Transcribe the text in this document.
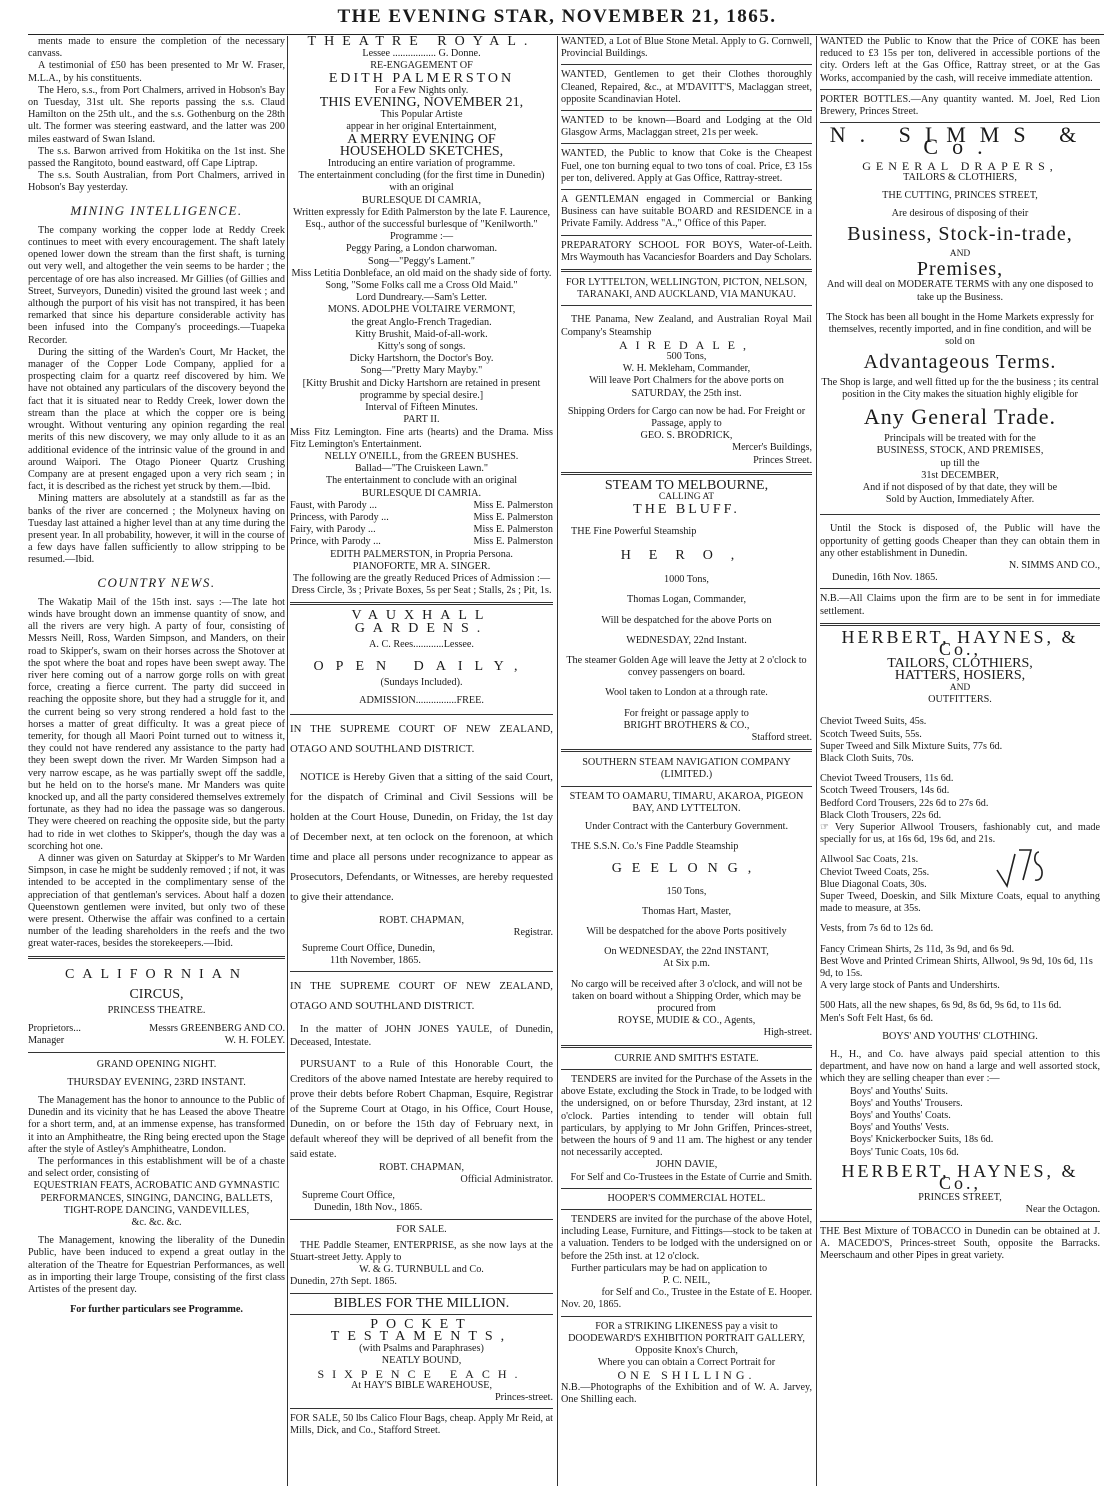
THE EVENING STAR, NOVEMBER 21, 1865.

ments made to ensure the completion of the necessary canvass.

A testimonial of £50 has been presented to Mr W. Fraser, M.L.A., by his constituents.

The Hero, s.s., from Port Chalmers, arrived in Hobson's Bay on Tuesday, 31st ult. She reports passing the s.s. Claud Hamilton on the 25th ult., and the s.s. Gothenburg on the 28th ult. The former was steering eastward, and the latter was 200 miles eastward of Swan Island.

The s.s. Barwon arrived from Hokitika on the 1st inst. She passed the Rangitoto, bound eastward, off Cape Liptrap.

The s.s. South Australian, from Port Chalmers, arrived in Hobson's Bay yesterday.

MINING INTELLIGENCE.

The company working the copper lode at Reddy Creek continues to meet with every encouragement. The shaft lately opened lower down the stream than the first shaft, is turning out very well, and altogether the vein seems to be harder ; the percentage of ore has also increased. Mr Gillies (of Gillies and Street, Surveyors, Dunedin) visited the ground last week ; and although the purport of his visit has not transpired, it has been remarked that since his departure considerable activity has been infused into the Company's proceedings.—Tuapeka Recorder.

During the sitting of the Warden's Court, Mr Hacket, the manager of the Copper Lode Company, applied for a prospecting claim for a quartz reef discovered by him. We have not obtained any particulars of the discovery beyond the fact that it is situated near to Reddy Creek, lower down the stream than the place at which the copper ore is being wrought. Without venturing any opinion regarding the real merits of this new discovery, we may only allude to it as an additional evidence of the intrinsic value of the ground in and around Waipori. The Otago Pioneer Quartz Crushing Company are at present engaged upon a very rich seam ; in fact, it is described as the richest yet struck by them.—Ibid.

Mining matters are absolutely at a standstill as far as the banks of the river are concerned ; the Molyneux having on Tuesday last attained a higher level than at any time during the present year. In all probability, however, it will in the course of a few days have fallen sufficiently to allow stripping to be resumed.—Ibid.

COUNTRY NEWS.

The Wakatip Mail of the 15th inst. says :—The late hot winds have brought down an immense quantity of snow, and all the rivers are very high. A party of four, consisting of Messrs Neill, Ross, Warden Simpson, and Manders, on their road to Skipper's, swam on their horses across the Shotover at the spot where the boat and ropes have been swept away. The river here coming out of a narrow gorge rolls on with great force, creating a fierce current. The party did succeed in reaching the opposite shore, but they had a struggle for it, and the current being so very strong rendered a hold fast to the horses a matter of great difficulty. It was a great piece of temerity, for though all Maori Point turned out to witness it, they could not have rendered any assistance to the party had they been swept down the river. Mr Warden Simpson had a very narrow escape, as he was partially swept off the saddle, but he held on to the horse's mane. Mr Manders was quite knocked up, and all the party considered themselves extremely fortunate, as they had no idea the passage was so dangerous. They were cheered on reaching the opposite side, but the party had to ride in wet clothes to Skipper's, though the day was a scorching hot one.

A dinner was given on Saturday at Skipper's to Mr Warden Simpson, in case he might be suddenly removed ; if not, it was intended to be accepted in the complimentary sense of the appreciation of that gentleman's services. About half a dozen Queenstown gentlemen were invited, but only two of these were present. Otherwise the affair was confined to a certain number of the leading shareholders in the reefs and the two great water-races, besides the storekeepers.—Ibid.

CALIFORNIAN
CIRCUS,
PRINCESS THEATRE.
Proprietors...	Messrs GREENBERG AND CO.
Manager	W. H. FOLEY.
GRAND OPENING NIGHT.
THURSDAY EVENING, 23RD INSTANT.

The Management has the honor to announce to the Public of Dunedin and its vicinity that he has Leased the above Theatre for a short term, and, at an immense expense, has transformed it into an Amphitheatre, the Ring being erected upon the Stage after the style of Astley's Amphitheatre, London.

The performances in this establishment will be of a chaste and select order, consisting of

EQUESTRIAN FEATS, ACROBATIC AND GYMNASTIC PERFORMANCES, SINGING, DANCING, BALLETS, TIGHT-ROPE DANCING, VANDEVILLES,
&c. &c. &c.

The Management, knowing the liberality of the Dunedin Public, have been induced to expend a great outlay in the alteration of the Theatre for Equestrian Performances, as well as in importing their large Troupe, consisting of the first class Artistes of the present day.

For further particulars see Programme.
THEATRE ROYAL.
Lessee ................. G. Donne.
RE-ENGAGEMENT OF
EDITH PALMERSTON
For a Few Nights only.
THIS EVENING, NOVEMBER 21,
This Popular Artiste
appear in her original Entertainment,
A MERRY EVENING OF
HOUSEHOLD SKETCHES,
Introducing an entire variation of programme.
The entertainment concluding (for the first time in Dunedin) with an original
BURLESQUE DI CAMRIA,
Written expressly for Edith Palmerston by the late F. Laurence, Esq., author of the successful burlesque of "Kenilworth."
Programme :—
Peggy Paring, a London charwoman.
Song—"Peggy's Lament."
Miss Letitia Donbleface, an old maid on the shady side of forty.
Song, "Some Folks call me a Cross Old Maid."
Lord Dundreary.—Sam's Letter.
MONS. ADOLPHE VOLTAIRE VERMONT,
the great Anglo-French Tragedian.
Kitty Brushit, Maid-of-all-work.
Kitty's song of songs.
Dicky Hartshorn, the Doctor's Boy.
Song—"Pretty Mary Mayby."
[Kitty Brushit and Dicky Hartshorn are retained in present programme by special desire.]
Interval of Fifteen Minutes.
PART II.

Miss Fitz Lemington. Fine arts (hearts) and the Drama. Miss Fitz Lemington's Entertainment.

NELLY O'NEILL, from the GREEN BUSHES.
Ballad—"The Cruiskeen Lawn."
The entertainment to conclude with an original
BURLESQUE DI CAMRIA.
Faust, with Parody ...	Miss E. Palmerston
Princess, with Parody ...	Miss E. Palmerston
Fairy, with Parody ...	Miss E. Palmerston
Prince, with Parody ...	Miss E. Palmerston
EDITH PALMERSTON, in Propria Persona.
PIANOFORTE, MR A. SINGER.
The following are the greatly Reduced Prices of Admission :—
Dress Circle, 3s ; Private Boxes, 5s per Seat ; Stalls, 2s ; Pit, 1s.
VAUXHALL GARDENS.
A. C. Rees............Lessee.
OPEN DAILY,
(Sundays Included).
ADMISSION................FREE.

IN THE SUPREME COURT OF NEW ZEALAND, OTAGO AND SOUTHLAND DISTRICT.

NOTICE is Hereby Given that a sitting of the said Court, for the dispatch of Criminal and Civil Sessions will be holden at the Court House, Dunedin, on Friday, the 1st day of December next, at ten oclock on the forenoon, at which time and place all persons under recognizance to appear as Prosecutors, Defendants, or Witnesses, are hereby requested to give their attendance.

ROBT. CHAPMAN,
Registrar.
Supreme Court Office, Dunedin,
11th November, 1865.

IN THE SUPREME COURT OF NEW ZEALAND, OTAGO AND SOUTHLAND DISTRICT.

In the matter of JOHN JONES YAULE, of Dunedin, Deceased, Intestate.

PURSUANT to a Rule of this Honorable Court, the Creditors of the above named Intestate are hereby required to prove their debts before Robert Chapman, Esquire, Registrar of the Supreme Court at Otago, in his Office, Court House, Dunedin, on or before the 15th day of February next, in default whereof they will be deprived of all benefit from the said estate.

ROBT. CHAPMAN,
Official Administrator.
Supreme Court Office,
Dunedin, 18th Nov., 1865.
FOR SALE.

THE Paddle Steamer, ENTERPRISE, as she now lays at the Stuart-street Jetty. Apply to

W. & G. TURNBULL and Co.
Dunedin, 27th Sept. 1865.
BIBLES FOR THE MILLION.
POCKET TESTAMENTS,
(with Psalms and Paraphrases)
NEATLY BOUND,
SIXPENCE EACH.
At HAY'S BIBLE WAREHOUSE,
Princes-street.

FOR SALE, 50 lbs Calico Flour Bags, cheap. Apply Mr Reid, at Mills, Dick, and Co., Stafford Street.

WANTED, a Lot of Blue Stone Metal. Apply to G. Cornwell, Provincial Buildings.

WANTED, Gentlemen to get their Clothes thoroughly Cleaned, Repaired, &c., at M'DAVITT'S, Maclaggan street, opposite Scandinavian Hotel.

WANTED to be known—Board and Lodging at the Old Glasgow Arms, Maclaggan street, 21s per week.

WANTED, the Public to know that Coke is the Cheapest Fuel, one ton burning equal to two tons of coal. Price, £3 15s per ton, delivered. Apply at Gas Office, Rattray-street.

A GENTLEMAN engaged in Commercial or Banking Business can have suitable BOARD and RESIDENCE in a Private Family. Address "A.," Office of this Paper.

PREPARATORY SCHOOL FOR BOYS, Water-of-Leith. Mrs Waymouth has Vacanciesfor Boarders and Day Scholars.

FOR LYTTELTON, WELLINGTON, PICTON, NELSON, TARANAKI, AND AUCKLAND, VIA MANUKAU.

THE Panama, New Zealand, and Australian Royal Mail Company's Steamship

AIREDALE,
500 Tons,
W. H. Mekleham, Commander,
Will leave Port Chalmers for the above ports on SATURDAY, the 25th inst.
Shipping Orders for Cargo can now be had. For Freight or Passage, apply to
GEO. S. BRODRICK,
Mercer's Buildings,
Princes Street.
STEAM TO MELBOURNE,
CALLING AT
THE BLUFF.

THE Fine Powerful Steamship

HERO,
1000 Tons,
Thomas Logan, Commander,
Will be despatched for the above Ports on
WEDNESDAY, 22nd Instant.
The steamer Golden Age will leave the Jetty at 2 o'clock to convey passengers on board.
Wool taken to London at a through rate.
For freight or passage apply to
BRIGHT BROTHERS & CO.,
Stafford street.
SOUTHERN STEAM NAVIGATION COMPANY (LIMITED.)
STEAM TO OAMARU, TIMARU, AKAROA, PIGEON BAY, AND LYTTELTON.
Under Contract with the Canterbury Government.

THE S.S.N. Co.'s Fine Paddle Steamship

GEELONG,
150 Tons,
Thomas Hart, Master,
Will be despatched for the above Ports positively
On WEDNESDAY, the 22nd INSTANT,
At Six p.m.
No cargo will be received after 3 o'clock, and will not be taken on board without a Shipping Order, which may be procured from
ROYSE, MUDIE & CO., Agents,
High-street.
CURRIE AND SMITH'S ESTATE.

TENDERS are invited for the Purchase of the Assets in the above Estate, excluding the Stock in Trade, to be lodged with the undersigned, on or before Thursday, 23rd instant, at 12 o'clock. Parties intending to tender will obtain full particulars, by applying to Mr John Griffen, Princes-street, between the hours of 9 and 11 am. The highest or any tender not necessarily accepted.

JOHN DAVIE,
For Self and Co-Trustees in the Estate of Currie and Smith.
HOOPER'S COMMERCIAL HOTEL.

TENDERS are invited for the purchase of the above Hotel, including Lease, Furniture, and Fittings—stock to be taken at a valuation. Tenders to be lodged with the undersigned on or before the 25th inst. at 12 o'clock.

Further particulars may be had on application to

P. C. NEIL,
for Self and Co., Trustee in the Estate of E. Hooper.
Nov. 20, 1865.

FOR a STRIKING LIKENESS pay a visit to DOODEWARD'S EXHIBITION PORTRAIT GALLERY,

Opposite Knox's Church,
Where you can obtain a Correct Portrait for
ONE SHILLING.

N.B.—Photographs of the Exhibition and of W. A. Jarvey, One Shilling each.

WANTED the Public to Know that the Price of COKE has been reduced to £3 15s per ton, delivered in accessible portions of the city. Orders left at the Gas Office, Rattray street, or at the Gas Works, accompanied by the cash, will receive immediate attention.

PORTER BOTTLES.—Any quantity wanted. M. Joel, Red Lion Brewery, Princes Street.

N. SIMMS & Co.
GENERAL DRAPERS,
TAILORS & CLOTHIERS,
THE CUTTING, PRINCES STREET,
Are desirous of disposing of their
Business, Stock-in-trade,
AND
Premises,
And will deal on MODERATE TERMS with any one disposed to take up the Business.
The Stock has been all bought in the Home Markets expressly for themselves, recently imported, and in fine condition, and will be sold on
Advantageous Terms.
The Shop is large, and well fitted up for the the business ; its central position in the City makes the situation highly eligible for
Any General Trade.
Principals will be treated with for the
BUSINESS, STOCK, AND PREMISES,
up till the
31st DECEMBER,
And if not disposed of by that date, they will be
Sold by Auction, Immediately After.

Until the Stock is disposed of, the Public will have the opportunity of getting goods Cheaper than they can obtain them in any other establishment in Dunedin.

N. SIMMS AND CO.,
Dunedin, 16th Nov. 1865.

N.B.—All Claims upon the firm are to be sent in for immediate settlement.

HERBERT, HAYNES, & Co.,
TAILORS, CLOTHIERS,
HATTERS, HOSIERS,
AND
OUTFITTERS.
Cheviot Tweed Suits, 45s.
Scotch Tweed Suits, 55s.
Super Tweed and Silk Mixture Suits, 77s 6d.
Black Cloth Suits, 70s.
Cheviot Tweed Trousers, 11s 6d.
Scotch Tweed Trousers, 14s 6d.
Bedford Cord Trousers, 22s 6d to 27s 6d.
Black Cloth Trousers, 22s 6d.

☞ Very Superior Allwool Trousers, fashionably cut, and made specially for us, at 16s 6d, 19s 6d, and 21s.

Allwool Sac Coats, 21s.
Cheviot Tweed Coats, 25s.
Blue Diagonal Coats, 30s.

Super Tweed, Doeskin, and Silk Mixture Coats, equal to anything made to measure, at 35s.

Vests, from 7s 6d to 12s 6d.
Fancy Crimean Shirts, 2s 11d, 3s 9d, and 6s 9d.
Best Wove and Printed Crimean Shirts, Allwool, 9s 9d, 10s 6d, 11s 9d, to 15s.
A very large stock of Pants and Undershirts.
500 Hats, all the new shapes, 6s 9d, 8s 6d, 9s 6d, to 11s 6d.
Men's Soft Felt Hast, 6s 6d.
BOYS' AND YOUTHS' CLOTHING.

H., H., and Co. have always paid special attention to this department, and have now on hand a large and well assorted stock, which they are selling cheaper than ever :—

Boys' and Youths' Suits.
Boys' and Youths' Trousers.
Boys' and Youths' Coats.
Boys' and Youths' Vests.
Boys' Knickerbocker Suits, 18s 6d.
Boys' Tunic Coats, 10s 6d.
HERBERT, HAYNES, & Co.,
PRINCES STREET,
Near the Octagon.

THE Best Mixture of TOBACCO in Dunedin can be obtained at J. A. MACEDO'S, Princes-street South, opposite the Barracks. Meerschaum and other Pipes in great variety.
